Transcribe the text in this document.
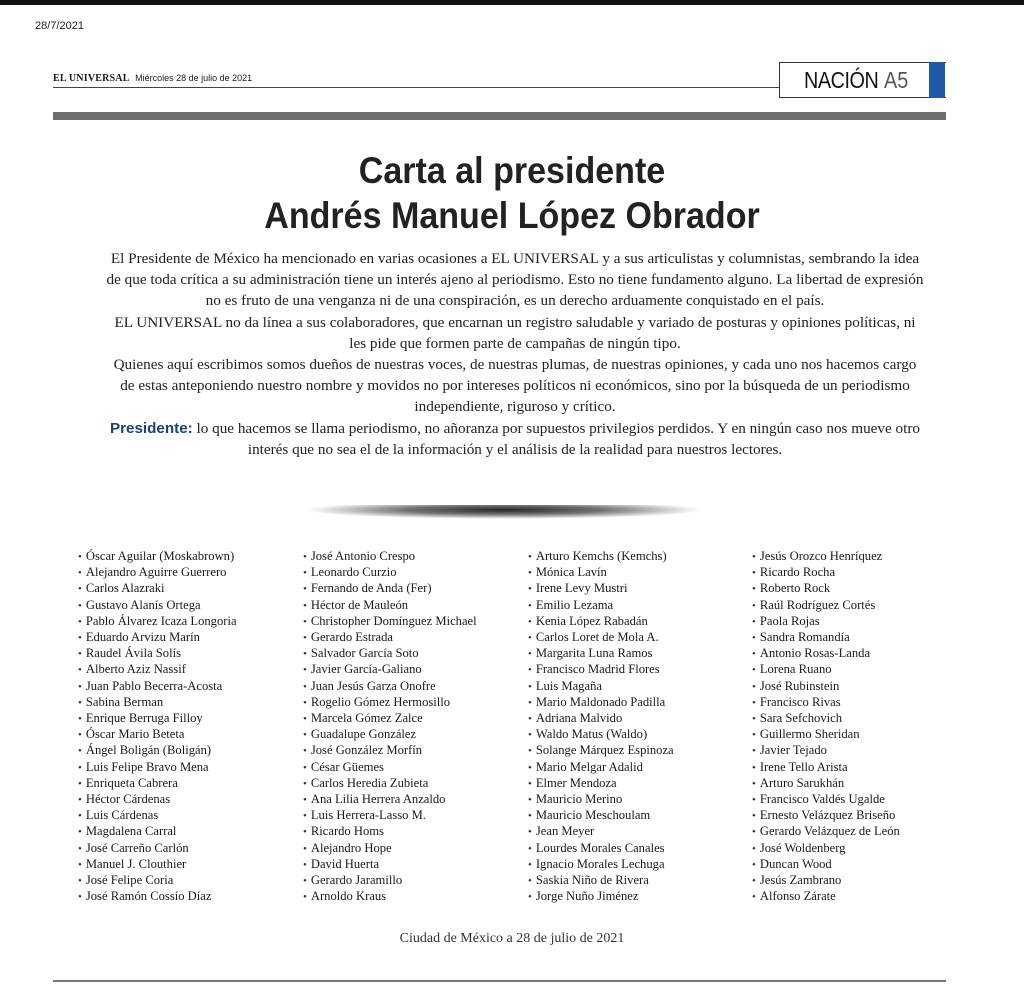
28/7/2021
EL UNIVERSAL Miércoles 28 de julio de 2021	NACIÓN A5
Carta al presidente
Andrés Manuel López Obrador

El Presidente de México ha mencionado en varias ocasiones a EL UNIVERSAL y a sus articulistas y columnistas, sembrando la idea de que toda crítica a su administración tiene un interés ajeno al periodismo. Esto no tiene fundamento alguno. La libertad de expresión no es fruto de una venganza ni de una conspiración, es un derecho arduamente conquistado en el país.

EL UNIVERSAL no da línea a sus colaboradores, que encarnan un registro saludable y variado de posturas y opiniones políticas, ni les pide que formen parte de campañas de ningún tipo.

Quienes aquí escribimos somos dueños de nuestras voces, de nuestras plumas, de nuestras opiniones, y cada uno nos hacemos cargo de estas anteponiendo nuestro nombre y movidos no por intereses políticos ni económicos, sino por la búsqueda de un periodismo independiente, riguroso y crítico.

Presidente: lo que hacemos se llama periodismo, no añoranza por supuestos privilegios perdidos. Y en ningún caso nos mueve otro interés que no sea el de la información y el análisis de la realidad para nuestros lectores.

• Óscar Aguilar (Moskabrown)
• Alejandro Aguirre Guerrero
• Carlos Alazraki
• Gustavo Alanís Ortega
• Pablo Álvarez Icaza Longoria
• Eduardo Arvizu Marín
• Raudel Ávila Solís
• Alberto Aziz Nassif
• Juan Pablo Becerra-Acosta
• Sabina Berman
• Enrique Berruga Filloy
• Óscar Mario Beteta
• Ángel Boligán (Boligán)
• Luis Felipe Bravo Mena
• Enriqueta Cabrera
• Héctor Cárdenas
• Luis Cárdenas
• Magdalena Carral
• José Carreño Carlón
• Manuel J. Clouthier
• José Felipe Coria
• José Ramón Cossío Díaz
• José Antonio Crespo
• Leonardo Curzio
• Fernando de Anda (Fer)
• Héctor de Mauleón
• Christopher Domínguez Michael
• Gerardo Estrada
• Salvador García Soto
• Javier García-Galiano
• Juan Jesús Garza Onofre
• Rogelio Gómez Hermosillo
• Marcela Gómez Zalce
• Guadalupe González
• José González Morfín
• César Güemes
• Carlos Heredia Zubieta
• Ana Lilia Herrera Anzaldo
• Luis Herrera-Lasso M.
• Ricardo Homs
• Alejandro Hope
• David Huerta
• Gerardo Jaramillo
• Arnoldo Kraus
• Arturo Kemchs (Kemchs)
• Mónica Lavín
• Irene Levy Mustri
• Emilio Lezama
• Kenia López Rabadán
• Carlos Loret de Mola A.
• Margarita Luna Ramos
• Francisco Madrid Flores
• Luis Magaña
• Mario Maldonado Padilla
• Adriana Malvido
• Waldo Matus (Waldo)
• Solange Márquez Espinoza
• Mario Melgar Adalid
• Elmer Mendoza
• Mauricio Merino
• Mauricio Meschoulam
• Jean Meyer
• Lourdes Morales Canales
• Ignacio Morales Lechuga
• Saskia Niño de Rivera
• Jorge Nuño Jiménez
• Jesús Orozco Henríquez
• Ricardo Rocha
• Roberto Rock
• Raúl Rodríguez Cortés
• Paola Rojas
• Sandra Romandía
• Antonio Rosas-Landa
• Lorena Ruano
• José Rubinstein
• Francisco Rivas
• Sara Sefchovich
• Guillermo Sheridan
• Javier Tejado
• Irene Tello Arista
• Arturo Sarukhán
• Francisco Valdés Ugalde
• Ernesto Velázquez Briseño
• Gerardo Velázquez de León
• José Woldenberg
• Duncan Wood
• Jesús Zambrano
• Alfonso Zárate
Ciudad de México a 28 de julio de 2021
